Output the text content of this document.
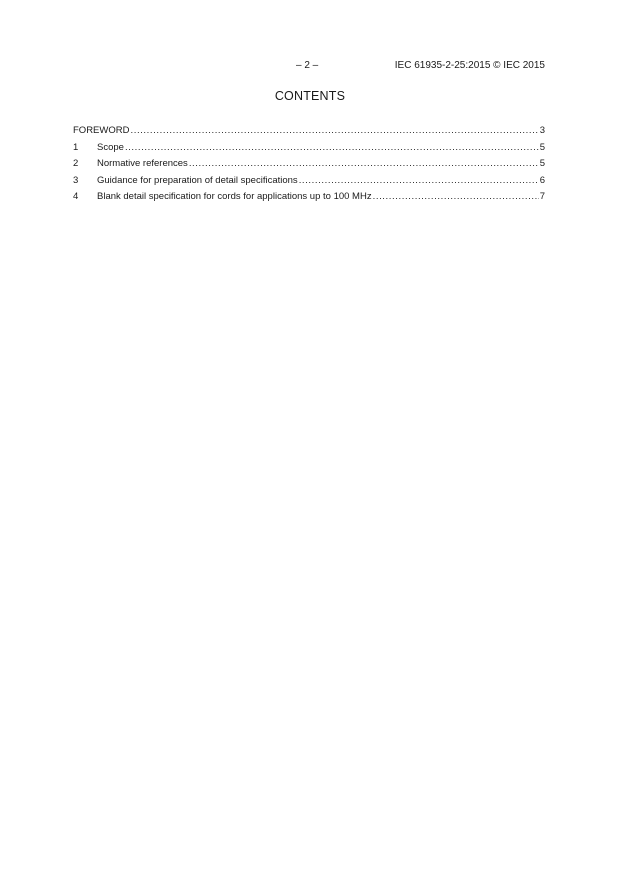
– 2 –	IEC 61935-2-25:2015 © IEC 2015
CONTENTS
FOREWORD .....	3
1	Scope .....	5
2	Normative references .....	5
3	Guidance for preparation of detail specifications .....	6
4	Blank detail specification for cords for applications up to 100 MHz .....	7
